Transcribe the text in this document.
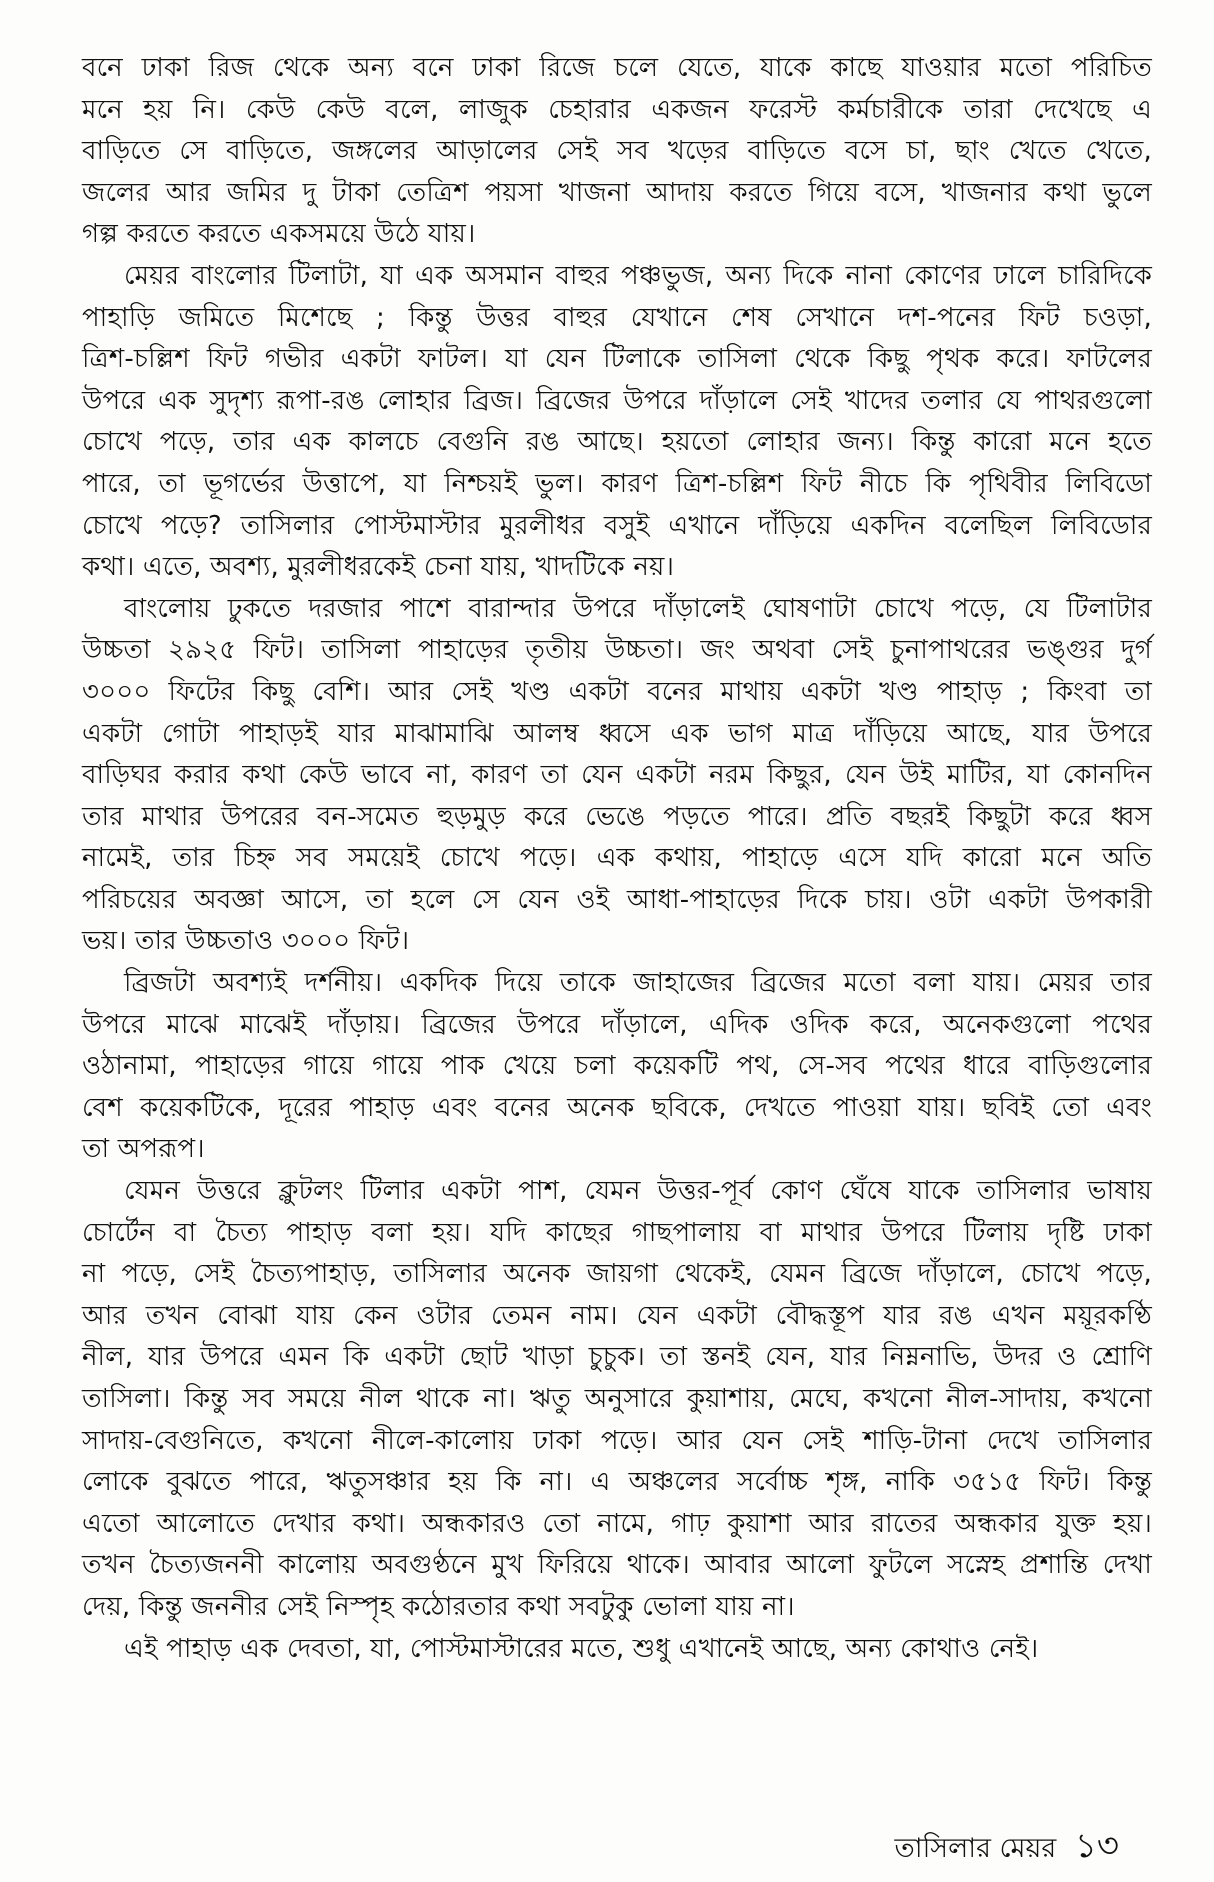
বনে ঢাকা রিজ থেকে অন্য বনে ঢাকা রিজে চলে যেতে, যাকে কাছে যাওয়ার মতো পরিচিত
মনে হয় নি। কেউ কেউ বলে, লাজুক চেহারার একজন ফরেস্ট কর্মচারীকে তারা দেখেছে এ
বাড়িতে সে বাড়িতে, জঙ্গলের আড়ালের সেই সব খড়ের বাড়িতে বসে চা, ছাং খেতে খেতে,
জলের আর জমির দু টাকা তেত্রিশ পয়সা খাজনা আদায় করতে গিয়ে বসে, খাজনার কথা ভুলে
গল্প করতে করতে একসময়ে উঠে যায়।
মেয়র বাংলোর টিলাটা, যা এক অসমান বাহুর পঞ্চভুজ, অন্য দিকে নানা কোণের ঢালে চারিদিকে
পাহাড়ি জমিতে মিশেছে ; কিন্তু উত্তর বাহুর যেখানে শেষ সেখানে দশ-পনের ফিট চওড়া,
ত্রিশ-চল্লিশ ফিট গভীর একটা ফাটল। যা যেন টিলাকে তাসিলা থেকে কিছু পৃথক করে। ফাটলের
উপরে এক সুদৃশ্য রূপা-রঙ লোহার ব্রিজ। ব্রিজের উপরে দাঁড়ালে সেই খাদের তলার যে পাথরগুলো
চোখে পড়ে, তার এক কালচে বেগুনি রঙ আছে। হয়তো লোহার জন্য। কিন্তু কারো মনে হতে
পারে, তা ভূগর্ভের উত্তাপে, যা নিশ্চয়ই ভুল। কারণ ত্রিশ-চল্লিশ ফিট নীচে কি পৃথিবীর লিবিডো
চোখে পড়ে? তাসিলার পোস্টমাস্টার মুরলীধর বসুই এখানে দাঁড়িয়ে একদিন বলেছিল লিবিডোর
কথা। এতে, অবশ্য, মুরলীধরকেই চেনা যায়, খাদটিকে নয়।
বাংলোয় ঢুকতে দরজার পাশে বারান্দার উপরে দাঁড়ালেই ঘোষণাটা চোখে পড়ে, যে টিলাটার
উচ্চতা ২৯২৫ ফিট। তাসিলা পাহাড়ের তৃতীয় উচ্চতা। জং অথবা সেই চুনাপাথরের ভঙ্গুর দুর্গ
৩০০০ ফিটের কিছু বেশি। আর সেই খণ্ড একটা বনের মাথায় একটা খণ্ড পাহাড় ; কিংবা তা
একটা গোটা পাহাড়ই যার মাঝামাঝি আলম্ব ধ্বসে এক ভাগ মাত্র দাঁড়িয়ে আছে, যার উপরে
বাড়িঘর করার কথা কেউ ভাবে না, কারণ তা যেন একটা নরম কিছুর, যেন উই মাটির, যা কোনদিন
তার মাথার উপরের বন-সমেত হুড়মুড় করে ভেঙে পড়তে পারে। প্রতি বছরই কিছুটা করে ধ্বস
নামেই, তার চিহ্ন সব সময়েই চোখে পড়ে। এক কথায়, পাহাড়ে এসে যদি কারো মনে অতি
পরিচয়ের অবজ্ঞা আসে, তা হলে সে যেন ওই আধা-পাহাড়ের দিকে চায়। ওটা একটা উপকারী
ভয়। তার উচ্চতাও ৩০০০ ফিট।
ব্রিজটা অবশ্যই দর্শনীয়। একদিক দিয়ে তাকে জাহাজের ব্রিজের মতো বলা যায়। মেয়র তার
উপরে মাঝে মাঝেই দাঁড়ায়। ব্রিজের উপরে দাঁড়ালে, এদিক ওদিক করে, অনেকগুলো পথের
ওঠানামা, পাহাড়ের গায়ে গায়ে পাক খেয়ে চলা কয়েকটি পথ, সে-সব পথের ধারে বাড়িগুলোর
বেশ কয়েকটিকে, দূরের পাহাড় এবং বনের অনেক ছবিকে, দেখতে পাওয়া যায়। ছবিই তো এবং
তা অপরূপ।
যেমন উত্তরে ক্লুটলং টিলার একটা পাশ, যেমন উত্তর-পূর্ব কোণ ঘেঁষে যাকে তাসিলার ভাষায়
চোর্টেন বা চৈত্য পাহাড় বলা হয়। যদি কাছের গাছপালায় বা মাথার উপরে টিলায় দৃষ্টি ঢাকা
না পড়ে, সেই চৈত্যপাহাড়, তাসিলার অনেক জায়গা থেকেই, যেমন ব্রিজে দাঁড়ালে, চোখে পড়ে,
আর তখন বোঝা যায় কেন ওটার তেমন নাম। যেন একটা বৌদ্ধস্তূপ যার রঙ এখন ময়ূরকণ্ঠি
নীল, যার উপরে এমন কি একটা ছোট খাড়া চুচুক। তা স্তনই যেন, যার নিম্ননাভি, উদর ও শ্রোণি
তাসিলা। কিন্তু সব সময়ে নীল থাকে না। ঋতু অনুসারে কুয়াশায়, মেঘে, কখনো নীল-সাদায়, কখনো
সাদায়-বেগুনিতে, কখনো নীলে-কালোয় ঢাকা পড়ে। আর যেন সেই শাড়ি-টানা দেখে তাসিলার
লোকে বুঝতে পারে, ঋতুসঞ্চার হয় কি না। এ অঞ্চলের সর্বোচ্চ শৃঙ্গ, নাকি ৩৫১৫ ফিট। কিন্তু
এতো আলোতে দেখার কথা। অন্ধকারও তো নামে, গাঢ় কুয়াশা আর রাতের অন্ধকার যুক্ত হয়।
তখন চৈত্যজননী কালোয় অবগুণ্ঠনে মুখ ফিরিয়ে থাকে। আবার আলো ফুটলে সস্নেহ প্রশান্তি দেখা
দেয়, কিন্তু জননীর সেই নিস্পৃহ কঠোরতার কথা সবটুকু ভোলা যায় না।
এই পাহাড় এক দেবতা, যা, পোস্টমাস্টারের মতে, শুধু এখানেই আছে, অন্য কোথাও নেই।
তাসিলার মেয়র ১৩
